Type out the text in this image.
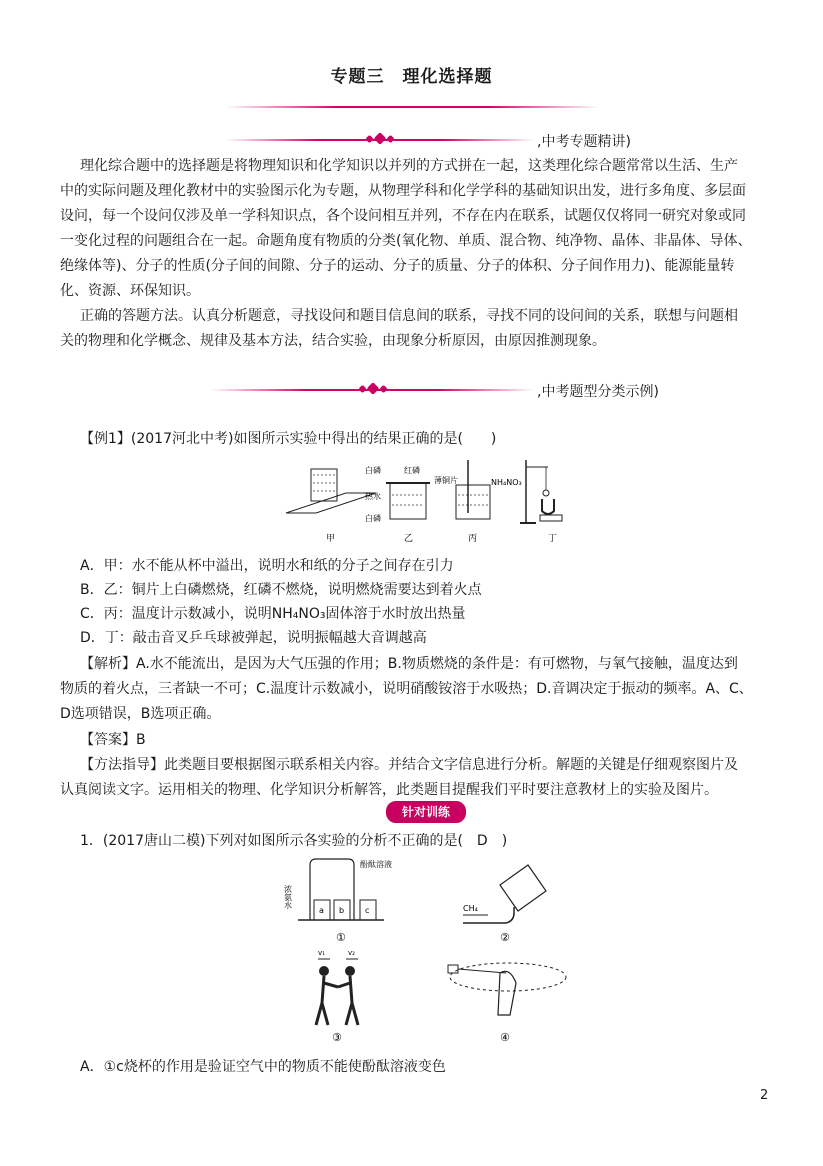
专题三　理化选择题
,中考专题精讲)
理化综合题中的选择题是将物理知识和化学知识以并列的方式拼在一起，这类理化综合题常常以生活、生产
中的实际问题及理化教材中的实验图示化为专题，从物理学科和化学学科的基础知识出发，进行多角度、多层面
设问，每一个设问仅涉及单一学科知识点，各个设问相互并列，不存在内在联系，试题仅仅将同一研究对象或同
一变化过程的问题组合在一起。命题角度有物质的分类(氧化物、单质、混合物、纯净物、晶体、非晶体、导体、
绝缘体等)、分子的性质(分子间的间隙、分子的运动、分子的质量、分子的体积、分子间作用力)、能源能量转
化、资源、环保知识。
正确的答题方法。认真分析题意，寻找设问和题目信息间的联系，寻找不同的设问间的关系，联想与问题相
关的物理和化学概念、规律及基本方法，结合实验，由现象分析原因，由原因推测现象。
,中考题型分类示例)
【例1】(2017河北中考)如图所示实验中得出的结果正确的是(　　)
白磷	红磷
热水
白磷
薄铜片	NH₄NO₃
甲	乙	丙	丁
A．甲：水不能从杯中溢出，说明水和纸的分子之间存在引力
B．乙：铜片上白磷燃烧，红磷不燃烧，说明燃烧需要达到着火点
C．丙：温度计示数减小，说明NH₄NO₃固体溶于水时放出热量
D．丁：敲击音叉乒乓球被弹起，说明振幅越大音调越高
【解析】A.水不能流出，是因为大气压强的作用；B.物质燃烧的条件是：有可燃物，与氧气接触，温度达到
物质的着火点，三者缺一不可；C.温度计示数减小，说明硝酸铵溶于水吸热；D.音调决定于振动的频率。A、C、
D选项错误，B选项正确。
【答案】B
【方法指导】此类题目要根据图示联系相关内容。并结合文字信息进行分析。解题的关键是仔细观察图片及
认真阅读文字。运用相关的物理、化学知识分析解答，此类题目提醒我们平时要注意教材上的实验及图片。
针对训练
1．(2017唐山二模)下列对如图所示各实验的分析不正确的是(　D　)
a b	c
浓氨水
酚酞溶液
①
CH₄
②
v₁	v₂
③	④
A．①c烧杯的作用是验证空气中的物质不能使酚酞溶液变色
2
